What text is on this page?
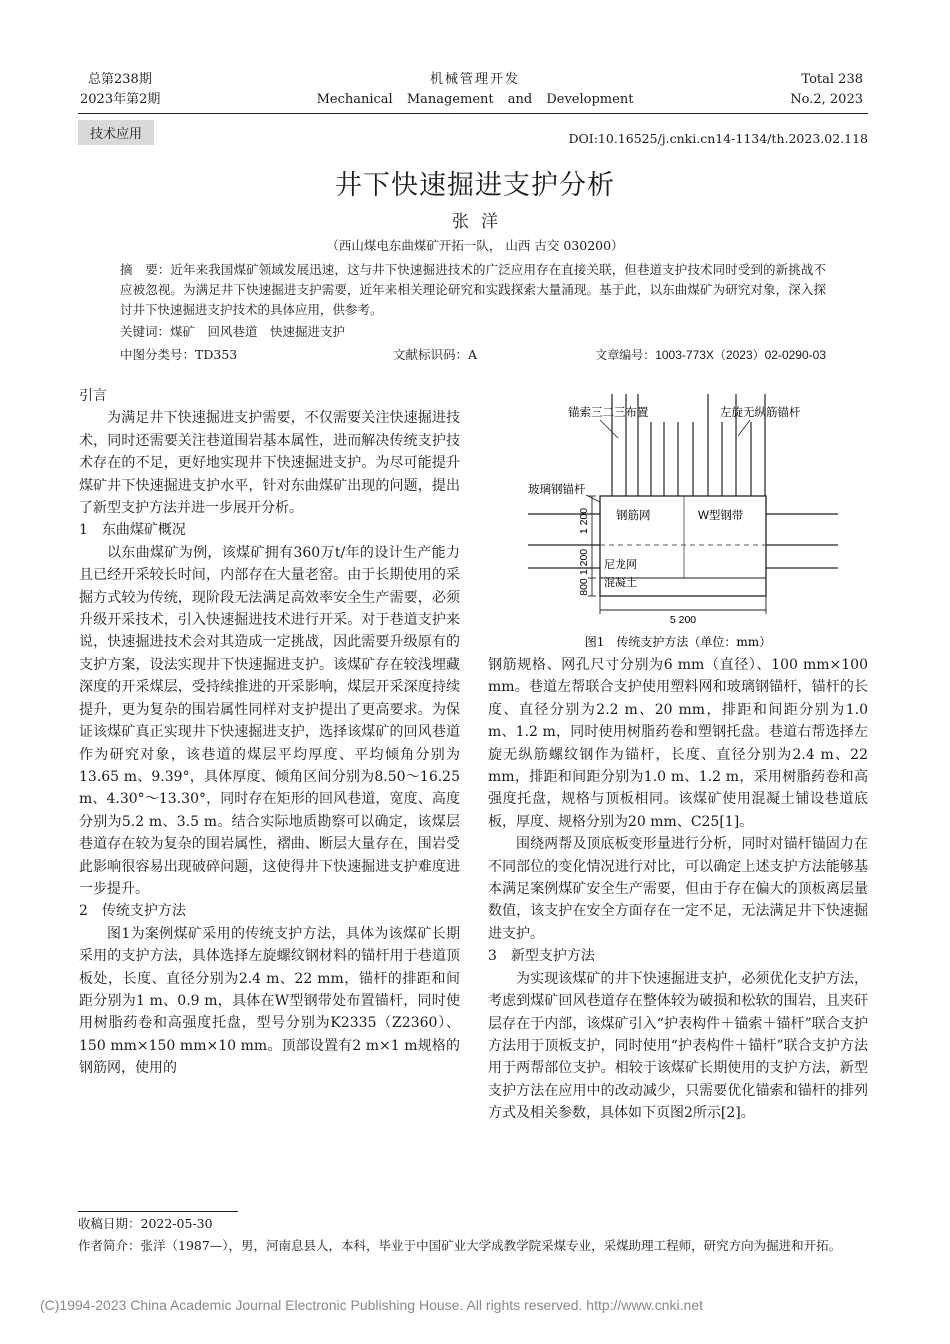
总第238期
2023年第2期
机械管理开发
Mechanical Management and Development
Total 238
No.2, 2023
技术应用	DOI:10.16525/j.cnki.cn14-1134/th.2023.02.118
井下快速掘进支护分析
张洋
（西山煤电东曲煤矿开拓一队， 山西 古交 030200）
摘　要：近年来我国煤矿领域发展迅速，这与井下快速掘进技术的广泛应用存在直接关联，但巷道支护技术同时受到的新挑战不应被忽视。为满足井下快速掘进支护需要，近年来相关理论研究和实践探索大量涌现。基于此，以东曲煤矿为研究对象，深入探讨井下快速掘进支护技术的具体应用，供参考。
关键词：煤矿　回风巷道　快速掘进支护
中图分类号：TD353	文献标识码：A	文章编号：1003-773X（2023）02-0290-03

引言

为满足井下快速掘进支护需要，不仅需要关注快速掘进技术，同时还需要关注巷道围岩基本属性，进而解决传统支护技术存在的不足，更好地实现井下快速掘进支护。为尽可能提升煤矿井下快速掘进支护水平，针对东曲煤矿出现的问题，提出了新型支护方法并进一步展开分析。

1　东曲煤矿概况

以东曲煤矿为例，该煤矿拥有360万t/年的设计生产能力且已经开采较长时间，内部存在大量老窑。由于长期使用的采掘方式较为传统，现阶段无法满足高效率安全生产需要，必须升级开采技术，引入快速掘进技术进行开采。对于巷道支护来说，快速掘进技术会对其造成一定挑战，因此需要升级原有的支护方案，设法实现井下快速掘进支护。该煤矿存在较浅埋藏深度的开采煤层，受持续推进的开采影响，煤层开采深度持续提升，更为复杂的围岩属性同样对支护提出了更高要求。为保证该煤矿真正实现井下快速掘进支护，选择该煤矿的回风巷道作为研究对象，该巷道的煤层平均厚度、平均倾角分别为13.65 m、9.39°，具体厚度、倾角区间分别为8.50～16.25 m、4.30°～13.30°，同时存在矩形的回风巷道，宽度、高度分别为5.2 m、3.5 m。结合实际地质勘察可以确定，该煤层巷道存在较为复杂的围岩属性，褶曲、断层大量存在，围岩受此影响很容易出现破碎问题，这使得井下快速掘进支护难度进一步提升。

2　传统支护方法

图1为案例煤矿采用的传统支护方法，具体为该煤矿长期采用的支护方法，具体选择左旋螺纹钢材料的锚杆用于巷道顶板处，长度、直径分别为2.4 m、22 mm，锚杆的排距和间距分别为1 m、0.9 m，具体在W型钢带处布置锚杆，同时使用树脂药卷和高强度托盘，型号分别为K2335（Z2360）、150 mm×150 mm×10 mm。顶部设置有2 m×1 m规格的钢筋网，使用的

锚索三二三布置	左旋无纵筋锚杆
玻璃钢锚杆
钢筋网	W型钢带
尼龙网
混凝土
1 200
1 200
800
5 200
图1　传统支护方法（单位：mm）

钢筋规格、网孔尺寸分别为6 mm（直径）、100 mm×100 mm。巷道左帮联合支护使用塑料网和玻璃钢锚杆，锚杆的长度、直径分别为2.2 m、20 mm，排距和间距分别为1.0 m、1.2 m，同时使用树脂药卷和塑钢托盘。巷道右帮选择左旋无纵筋螺纹钢作为锚杆，长度、直径分别为2.4 m、22 mm，排距和间距分别为1.0 m、1.2 m，采用树脂药卷和高强度托盘，规格与顶板相同。该煤矿使用混凝土铺设巷道底板，厚度、规格分别为20 mm、C25[1]。

围绕两帮及顶底板变形量进行分析，同时对锚杆锚固力在不同部位的变化情况进行对比，可以确定上述支护方法能够基本满足案例煤矿安全生产需要，但由于存在偏大的顶板离层量数值，该支护在安全方面存在一定不足，无法满足井下快速掘进支护。

3　新型支护方法

为实现该煤矿的井下快速掘进支护，必须优化支护方法，考虑到煤矿回风巷道存在整体较为破损和松软的围岩，且夹矸层存在于内部，该煤矿引入“护表构件＋锚索＋锚杆”联合支护方法用于顶板支护，同时使用“护表构件＋锚杆”联合支护方法用于两帮部位支护。相较于该煤矿长期使用的支护方法，新型支护方法在应用中的改动减少，只需要优化锚索和锚杆的排列方式及相关参数，具体如下页图2所示[2]。

收稿日期：2022-05-30
作者简介：张洋（1987—），男，河南息县人，本科，毕业于中国矿业大学成教学院采煤专业，采煤助理工程师，研究方向为掘进和开拓。
(C)1994-2023 China Academic Journal Electronic Publishing House. All rights reserved. http://www.cnki.net
